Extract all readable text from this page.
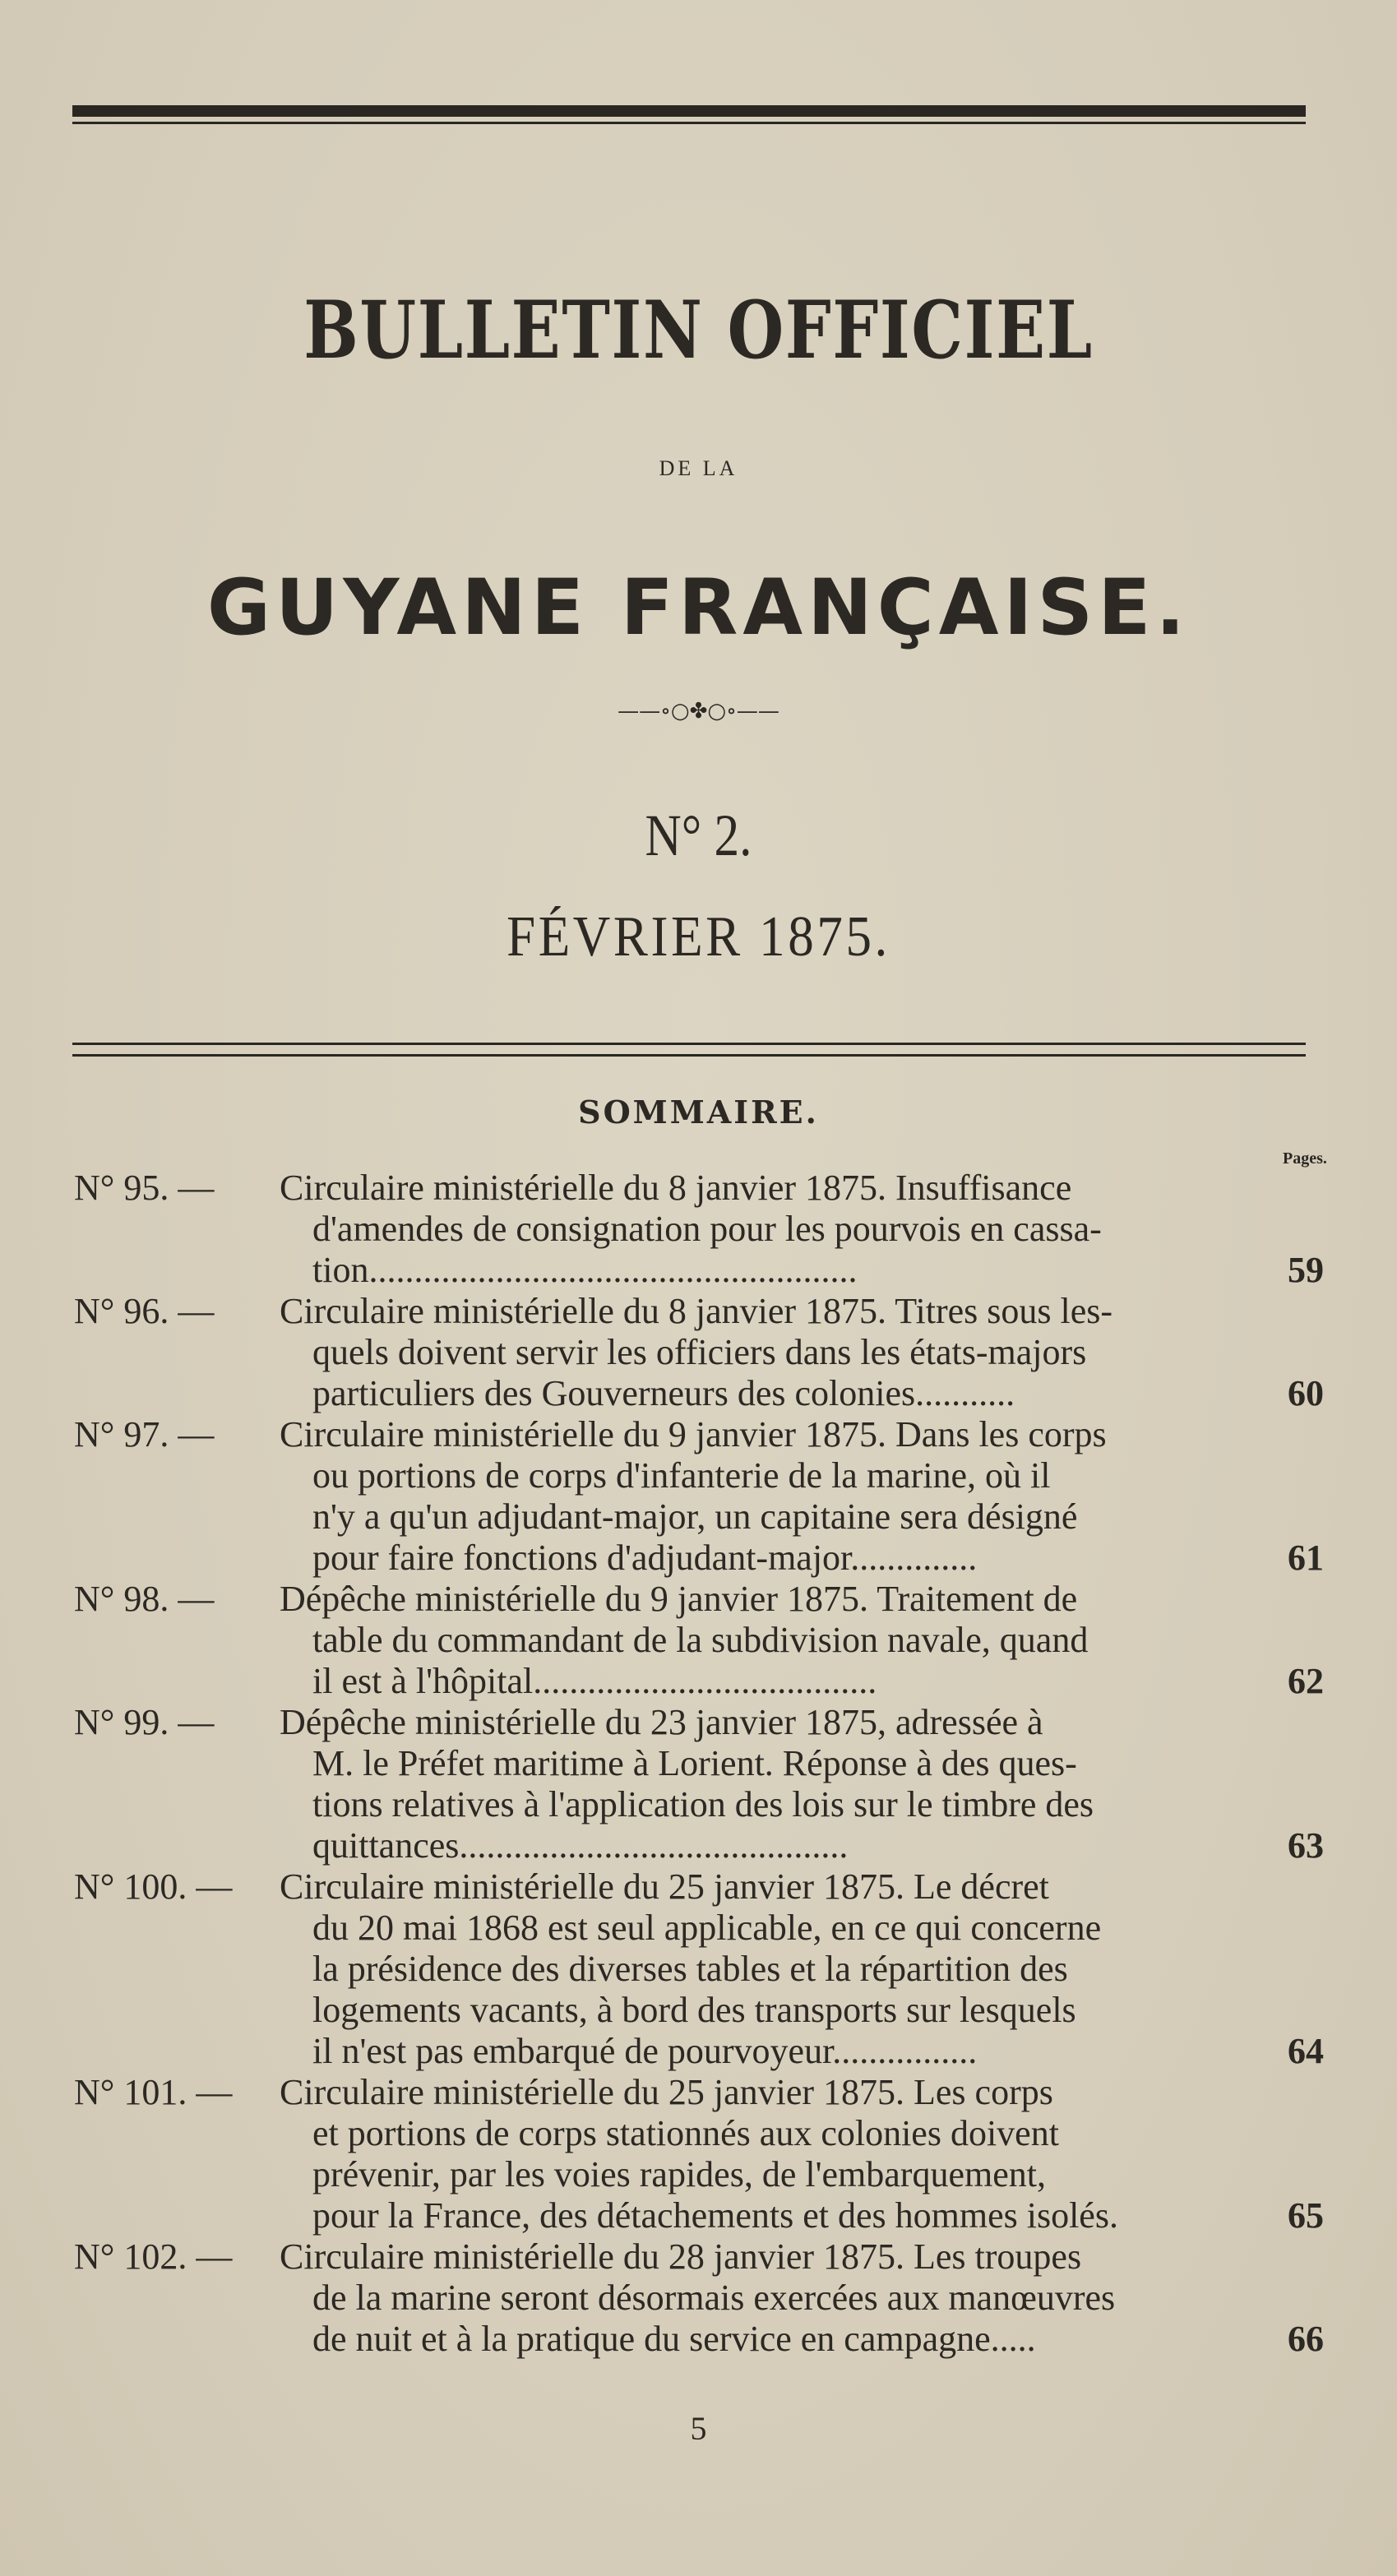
BULLETIN OFFICIEL
DE LA
GUYANE FRANÇAISE.
——∘○✤○∘——
N° 2.
FÉVRIER 1875.
SOMMAIRE.
Pages.
N° 95. — Circulaire ministérielle du 8 janvier 1875. Insuffisance
d'amendes de consignation pour les pourvois en cassa-
tion......................................................	59
N° 96. — Circulaire ministérielle du 8 janvier 1875. Titres sous les-
quels doivent servir les officiers dans les états-majors
particuliers des Gouverneurs des colonies...........	60
N° 97. — Circulaire ministérielle du 9 janvier 1875. Dans les corps
ou portions de corps d'infanterie de la marine, où il
n'y a qu'un adjudant-major, un capitaine sera désigné
pour faire fonctions d'adjudant-major..............	61
N° 98. — Dépêche ministérielle du 9 janvier 1875. Traitement de
table du commandant de la subdivision navale, quand
il est à l'hôpital......................................	62
N° 99. — Dépêche ministérielle du 23 janvier 1875, adressée à
M. le Préfet maritime à Lorient. Réponse à des ques-
tions relatives à l'application des lois sur le timbre des
quittances...........................................	63
N° 100. — Circulaire ministérielle du 25 janvier 1875. Le décret
du 20 mai 1868 est seul applicable, en ce qui concerne
la présidence des diverses tables et la répartition des
logements vacants, à bord des transports sur lesquels
il n'est pas embarqué de pourvoyeur................	64
N° 101. — Circulaire ministérielle du 25 janvier 1875. Les corps
et portions de corps stationnés aux colonies doivent
prévenir, par les voies rapides, de l'embarquement,
pour la France, des détachements et des hommes isolés.	65
N° 102. — Circulaire ministérielle du 28 janvier 1875. Les troupes
de la marine seront désormais exercées aux manœuvres
de nuit et à la pratique du service en campagne.....	66
5
